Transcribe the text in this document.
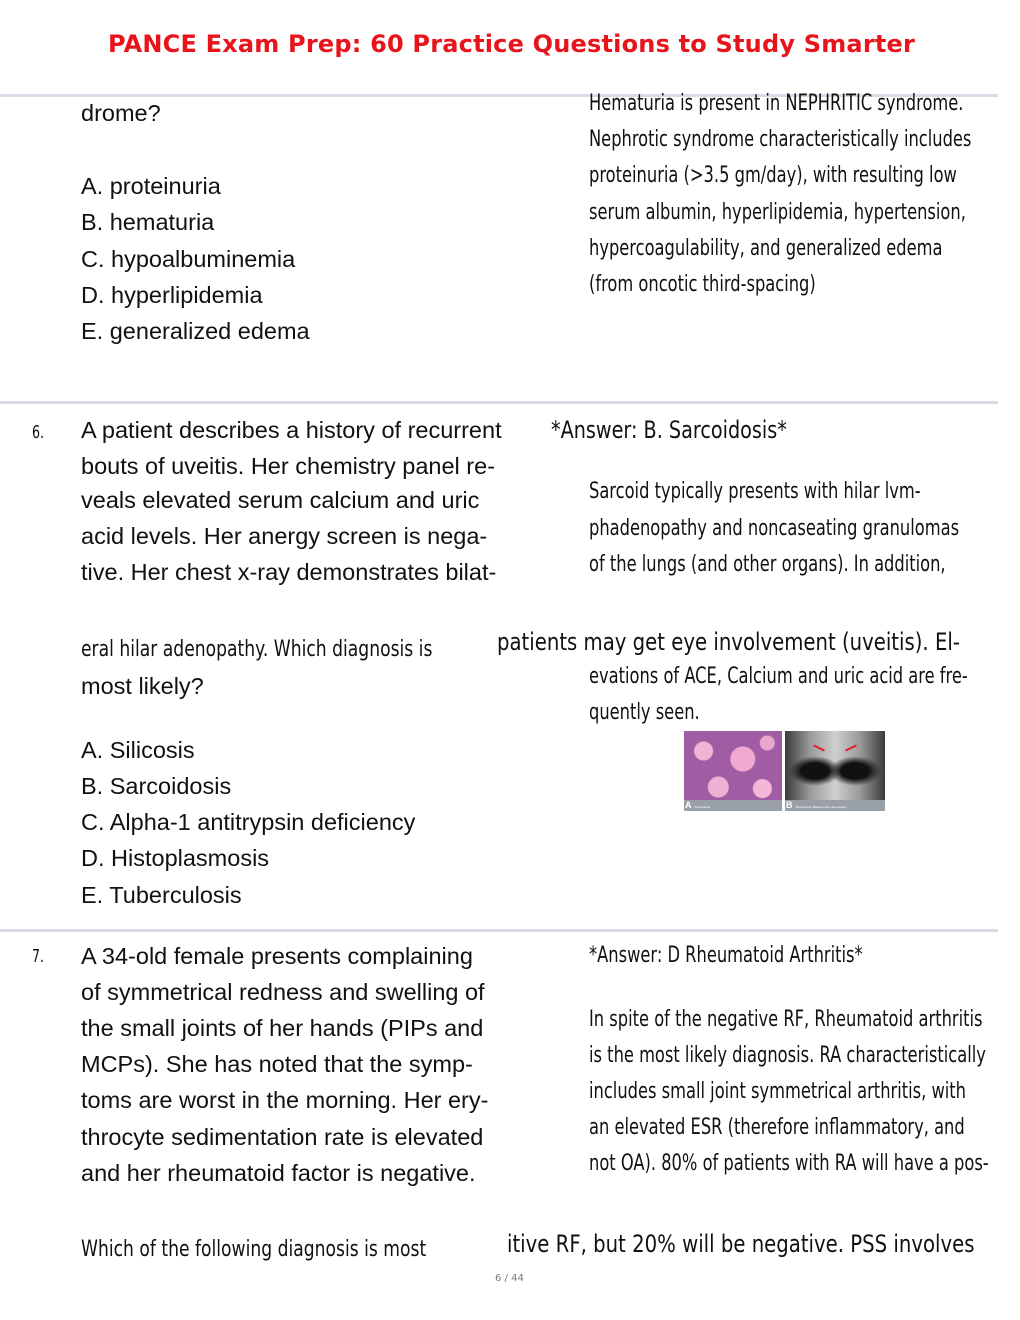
PANCE Exam Prep: 60 Practice Questions to Study Smarter
drome?
A. proteinuria
B. hematuria
C. hypoalbuminemia
D. hyperlipidemia
E. generalized edema
Hematuria is present in NEPHRITIC syndrome.
Nephrotic syndrome characteristically includes
proteinuria (>3.5 gm/day), with resulting low
serum albumin, hyperlipidemia, hypertension,
hypercoagulability, and generalized edema
(from oncotic third-spacing)
6. A patient describes a history of recurrent
bouts of uveitis. Her chemistry panel re-
veals elevated serum calcium and uric
acid levels. Her anergy screen is nega-
tive. Her chest x-ray demonstrates bilat-
eral hilar adenopathy. Which diagnosis is
most likely?
A. Silicosis
B. Sarcoidosis
C. Alpha-1 antitrypsin deficiency
D. Histoplasmosis
E. Tuberculosis
*Answer: B. Sarcoidosis*
Sarcoid typically presents with hilar lvm-
phadenopathy and noncaseating granulomas
of the lungs (and other organs). In addition,
patients may get eye involvement (uveitis). El-
evations of ACE, Calcium and uric acid are fre-
quently seen.
A Sarcoidosis.	B Sarcoidosis. Bilateral hilar adenopathy.
7. A 34-old female presents complaining
of symmetrical redness and swelling of
the small joints of her hands (PIPs and
MCPs). She has noted that the symp-
toms are worst in the morning. Her ery-
throcyte sedimentation rate is elevated
and her rheumatoid factor is negative.
Which of the following diagnosis is most
*Answer: D Rheumatoid Arthritis*
In spite of the negative RF, Rheumatoid arthritis
is the most likely diagnosis. RA characteristically
includes small joint symmetrical arthritis, with
an elevated ESR (therefore inflammatory, and
not OA). 80% of patients with RA will have a pos-
itive RF, but 20% will be negative. PSS involves
6 / 44
